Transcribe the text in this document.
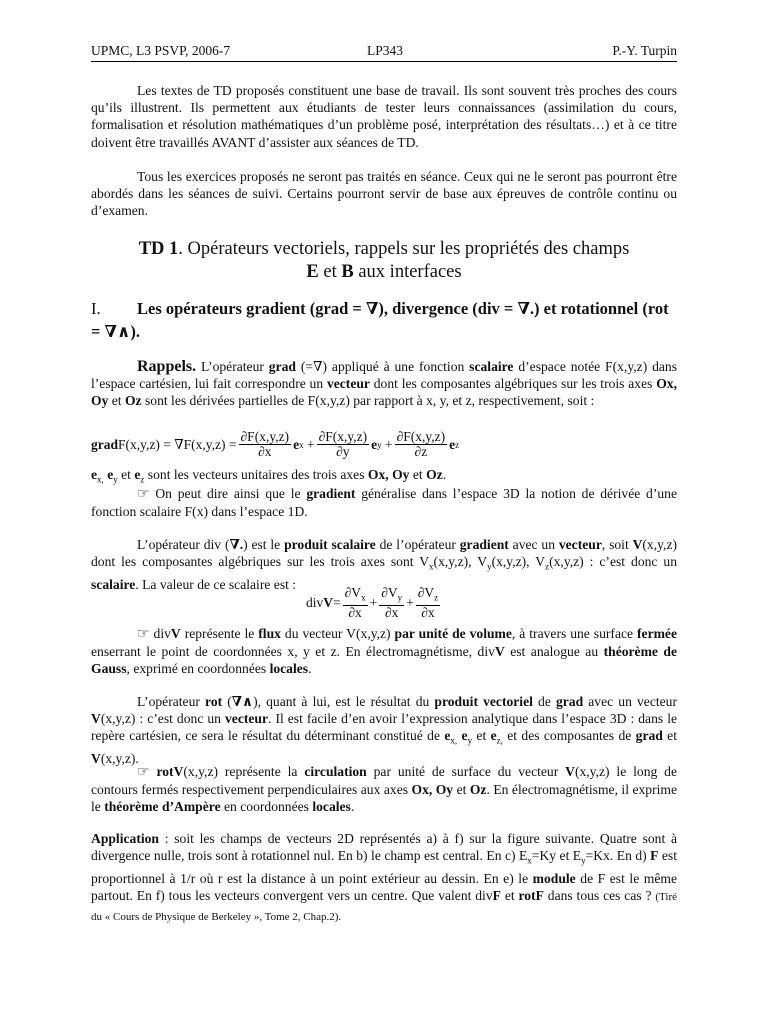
UPMC, L3 PSVP, 2006-7	LP343	P.-Y. Turpin

Les textes de TD proposés constituent une base de travail. Ils sont souvent très proches des cours qu’ils illustrent. Ils permettent aux étudiants de tester leurs connaissances (assimilation du cours, formalisation et résolution mathématiques d’un problème posé, interprétation des résultats…) et à ce titre doivent être travaillés AVANT d’assister aux séances de TD.

Tous les exercices proposés ne seront pas traités en séance. Ceux qui ne le seront pas pourront être abordés dans les séances de suivi. Certains pourront servir de base aux épreuves de contrôle continu ou d’examen.

TD 1. Opérateurs vectoriels, rappels sur les propriétés des champs
E et B aux interfaces
I. Les opérateurs gradient (grad = ∇), divergence (div = ∇.) et rotationnel (rot = ∇∧).

Rappels. L’opérateur grad (=∇) appliqué à une fonction scalaire d’espace notée F(x,y,z) dans l’espace cartésien, lui fait correspondre un vecteur dont les composantes algébriques sur les trois axes Ox, Oy et Oz sont les dérivées partielles de F(x,y,z) par rapport à x, y, et z, respectivement, soit :

grad $F(x,y,z) = \nabla F(x,y,z) = \frac{\partial F(x,y,z)}{\partial x}$ e $x + \frac{\partial F(x,y,z)}{\partial y}$ e $y + \frac{\partial F(x,y,z)}{\partial z}$ e z

$e_{x,}$ $e_y$ et $e_z$ sont les vecteurs unitaires des trois axes Ox, Oy et Oz.

☞ On peut dire ainsi que le gradient généralise dans l’espace 3D la notion de dérivée d’une fonction scalaire F(x) dans l’espace 1D.

L’opérateur div (∇.) est le produit scalaire de l’opérateur gradient avec un vecteur, soit V(x,y,z) dont les composantes algébriques sur les trois axes sont $V_x(x,y,z)$, $V_y(x,y,z)$, $V_z(x,y,z)$ : c’est donc un scalaire. La valeur de ce scalaire est :

div $V = \frac{\partial V_x}{\partial x} + \frac{\partial V_y}{\partial x} + \frac{\partial V_z}{\partial x}$

☞ divV représente le flux du vecteur V(x,y,z) par unité de volume, à travers une surface fermée enserrant le point de coordonnées x, y et z. En électromagnétisme, divV est analogue au théorème de Gauss, exprimé en coordonnées locales.

L’opérateur rot (∇∧), quant à lui, est le résultat du produit vectoriel de grad avec un vecteur V(x,y,z) : c’est donc un vecteur. Il est facile d’en avoir l’expression analytique dans l’espace 3D : dans le repère cartésien, ce sera le résultat du déterminant constitué de $e_{x,}$ $e_y$ et $e_{z,}$ et des composantes de grad et V(x,y,z).

☞ rotV(x,y,z) représente la circulation par unité de surface du vecteur V(x,y,z) le long de contours fermés respectivement perpendiculaires aux axes Ox, Oy et Oz. En électromagnétisme, il exprime le théorème d’Ampère en coordonnées locales.

Application : soit les champs de vecteurs 2D représentés a) à f) sur la figure suivante. Quatre sont à divergence nulle, trois sont à rotationnel nul. En b) le champ est central. En c) $E_x=Ky$ et $E_y=Kx$. En d) F est proportionnel à 1/r où r est la distance à un point extérieur au dessin. En e) le module de F est le même partout. En f) tous les vecteurs convergent vers un centre. Que valent divF et rotF dans tous ces cas ? (Tiré du « Cours de Physique de Berkeley », Tome 2, Chap.2).
